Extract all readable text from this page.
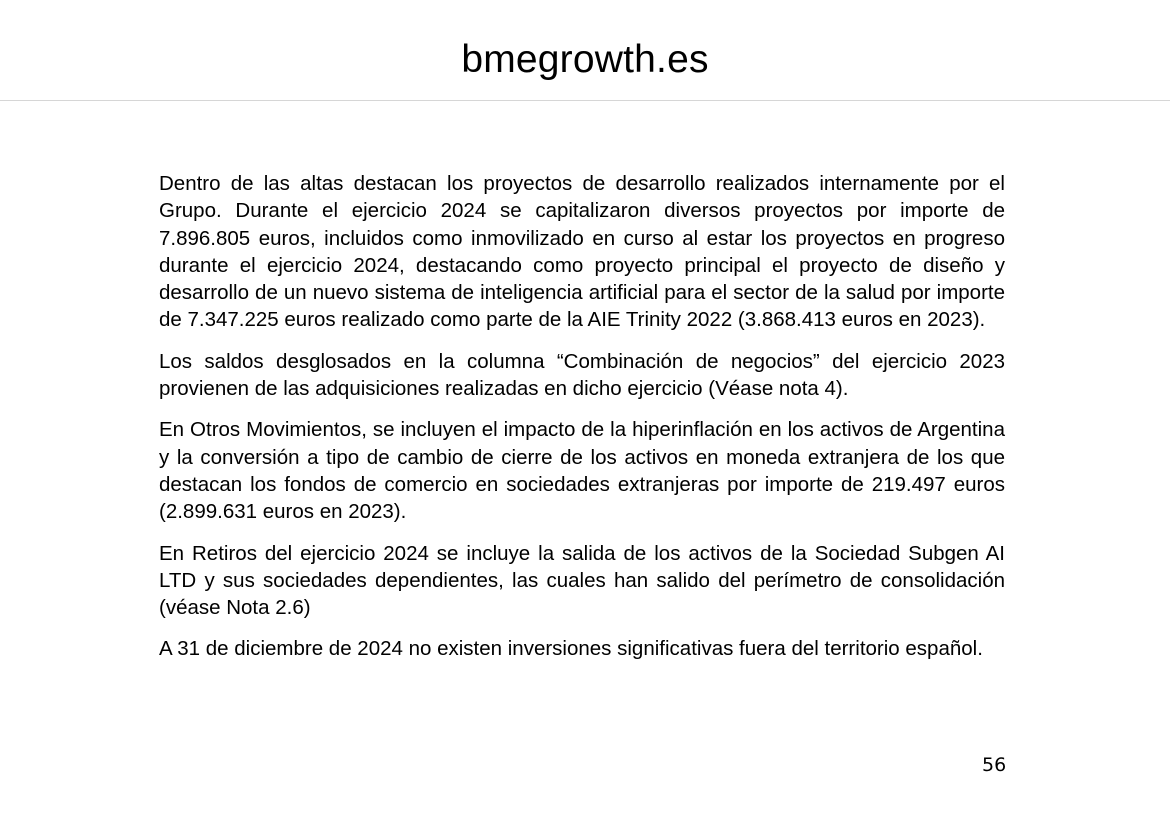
bmegrowth.es

Dentro de las altas destacan los proyectos de desarrollo realizados internamente por el Grupo. Durante el ejercicio 2024 se capitalizaron diversos proyectos por importe de 7.896.805 euros, incluidos como inmovilizado en curso al estar los proyectos en progreso durante el ejercicio 2024, destacando como proyecto principal el proyecto de diseño y desarrollo de un nuevo sistema de inteligencia artificial para el sector de la salud por importe de 7.347.225 euros realizado como parte de la AIE Trinity 2022 (3.868.413 euros en 2023).

Los saldos desglosados en la columna “Combinación de negocios” del ejercicio 2023 provienen de las adquisiciones realizadas en dicho ejercicio (Véase nota 4).

En Otros Movimientos, se incluyen el impacto de la hiperinflación en los activos de Argentina y la conversión a tipo de cambio de cierre de los activos en moneda extranjera de los que destacan los fondos de comercio en sociedades extranjeras por importe de 219.497 euros (2.899.631 euros en 2023).

En Retiros del ejercicio 2024 se incluye la salida de los activos de la Sociedad Subgen AI LTD y sus sociedades dependientes, las cuales han salido del perímetro de consolidación (véase Nota 2.6)

A 31 de diciembre de 2024 no existen inversiones significativas fuera del territorio español.

56
